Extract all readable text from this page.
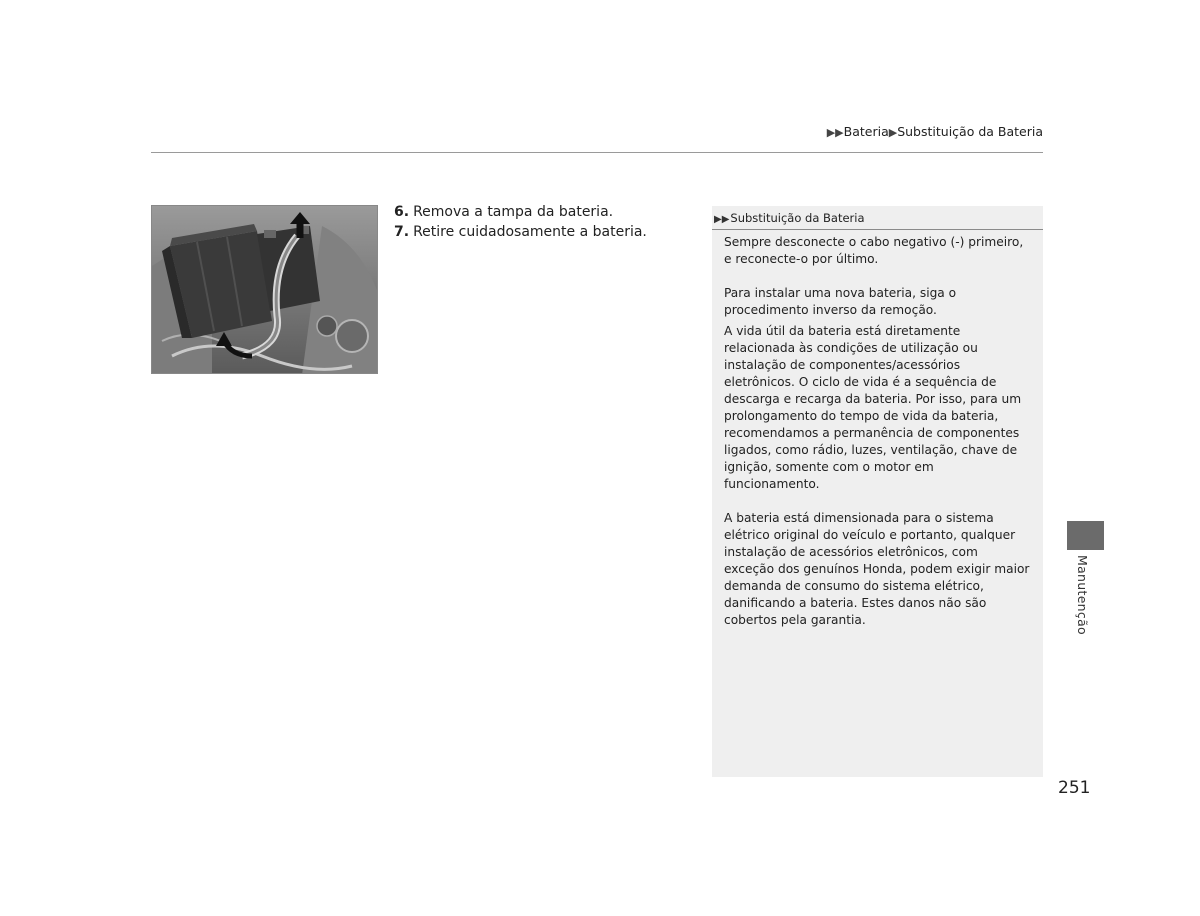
▶▶Bateria▶Substituição da Bateria
6. Remova a tampa da bateria.
7. Retire cuidadosamente a bateria.
▶▶Substituição da Bateria

Sempre desconecte o cabo negativo (-) primeiro, e reconecte-o por último.

Para instalar uma nova bateria, siga o procedimento inverso da remoção.

A vida útil da bateria está diretamente relacionada às condições de utilização ou instalação de componentes/acessórios eletrônicos. O ciclo de vida é a sequência de descarga e recarga da bateria. Por isso, para um prolongamento do tempo de vida da bateria, recomendamos a permanência de componentes ligados, como rádio, luzes, ventilação, chave de ignição, somente com o motor em funcionamento.

A bateria está dimensionada para o sistema elétrico original do veículo e portanto, qualquer instalação de acessórios eletrônicos, com exceção dos genuínos Honda, podem exigir maior demanda de consumo do sistema elétrico, danificando a bateria. Estes danos não são cobertos pela garantia.	Manutenção
251
